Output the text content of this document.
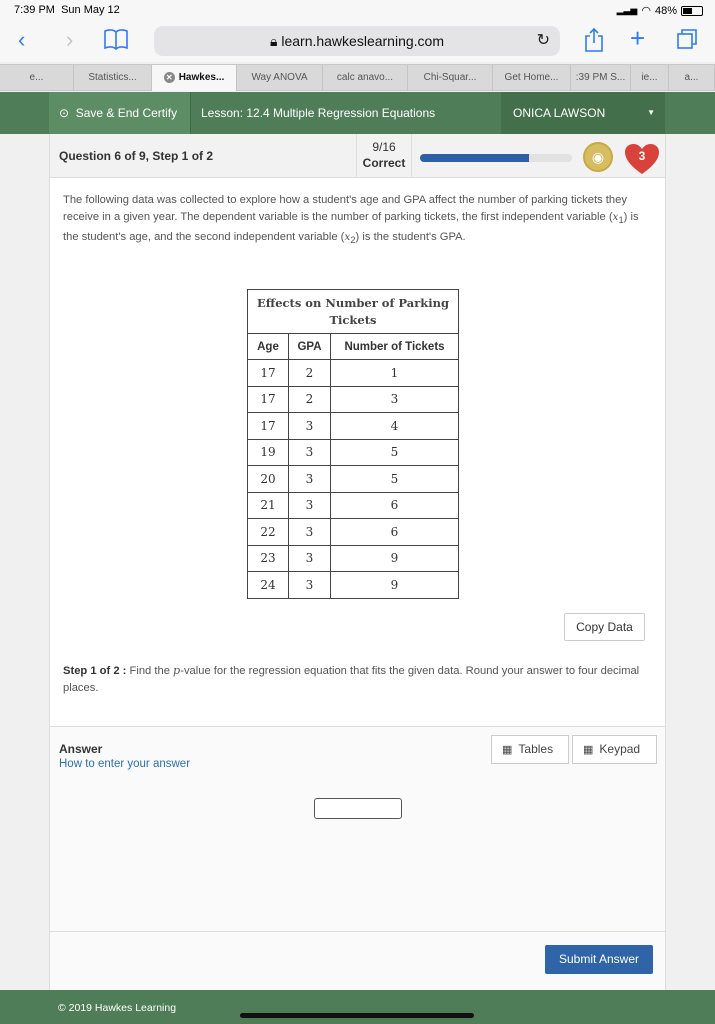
7:39 PM Sun May 12	▂▃▅ ◠ 48%
‹ ›	🔒︎ learn.hawkeslearning.com	↻	+
e...	Statistics...	✕ Hawkes...	Way ANOVA	calc anavo...	Chi-Squar...	Get Home...	:39 PM S...	ie...	a...
⊙ Save & End Certify	Lesson: 12.4 Multiple Regression Equations	ONICA LAWSON	▼
Question 6 of 9, Step 1 of 2
9/16
Correct	◉	3
The following data was collected to explore how a student's age and GPA affect the number of parking tickets they receive in a given year. The dependent variable is the number of parking tickets, the first independent variable $(x_1)$ is the student's age, and the second independent variable $(x_2)$ is the student's GPA.
Effects on Number of Parking Tickets		
Age	GPA	Number of Tickets
17	2	1
17	2	3
17	3	4
19	3	5
20	3	5
21	3	6
22	3	6
23	3	9
24	3	9
Copy Data
Step 1 of 2 : Find the p-value for the regression equation that fits the given data. Round your answer to four decimal places.
Answer
How to enter your answer
▦ Tables	▦ Keypad
Submit Answer
© 2019 Hawkes Learning
